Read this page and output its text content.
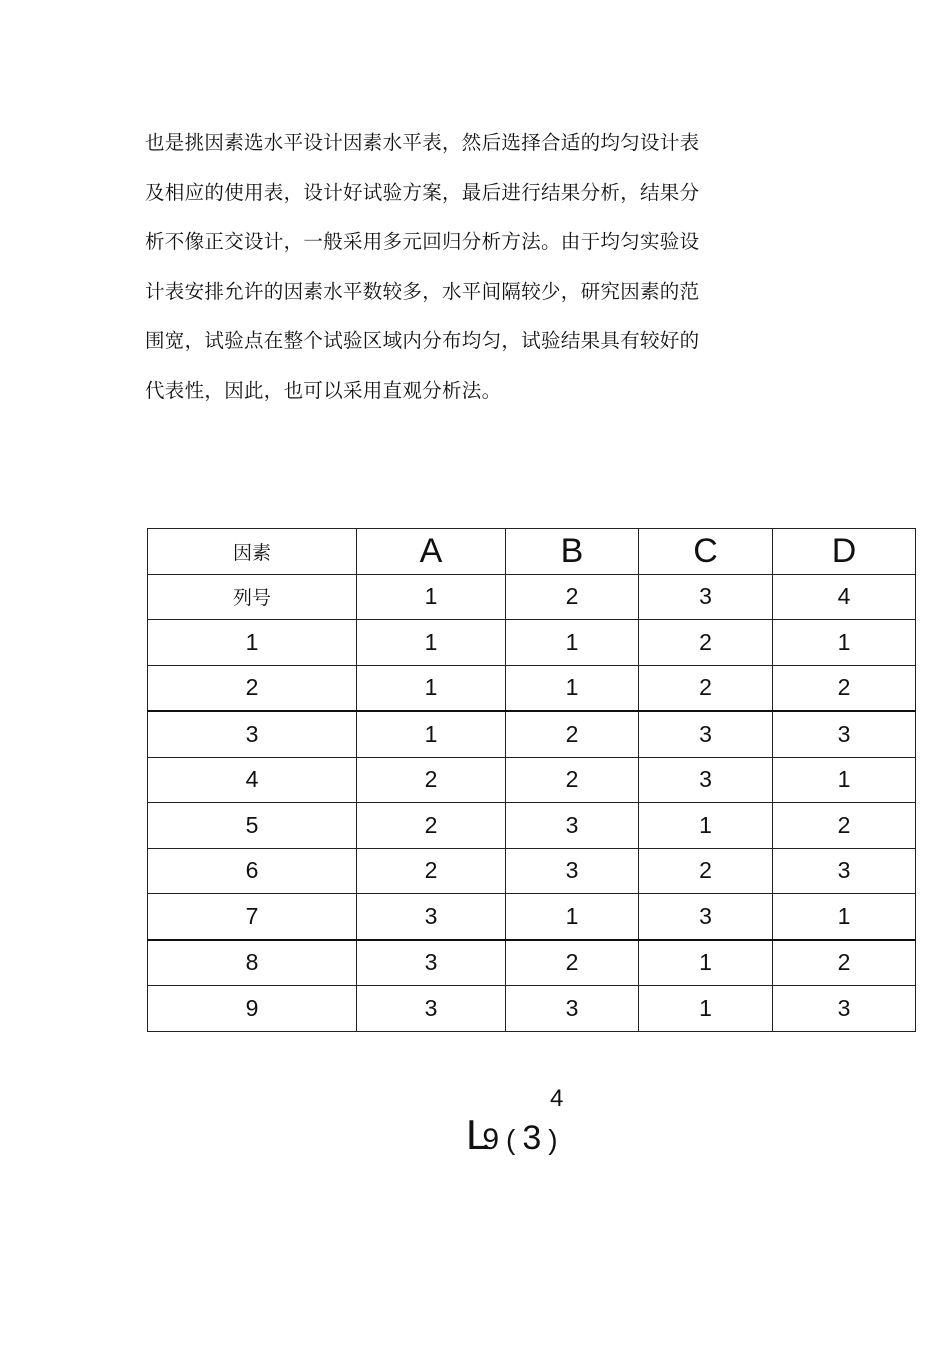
也是挑因素选水平设计因素水平表，然后选择合适的均匀设计表
及相应的使用表，设计好试验方案，最后进行结果分析，结果分
析不像正交设计，一般采用多元回归分析方法。由于均匀实验设
计表安排允许的因素水平数较多，水平间隔较少，研究因素的范
围宽，试验点在整个试验区域内分布均匀，试验结果具有较好的
代表性，因此，也可以采用直观分析法。
因素	A	B	C	D
列号	1	2	3	4
1	1	1	2	1
2	1	1	2	2
3	1	2	3	3
4	2	2	3	1
5	2	3	1	2
6	2	3	2	3
7	3	1	3	1
8	3	2	1	2
9	3	3	1	3
4
L9 ( 3 )
